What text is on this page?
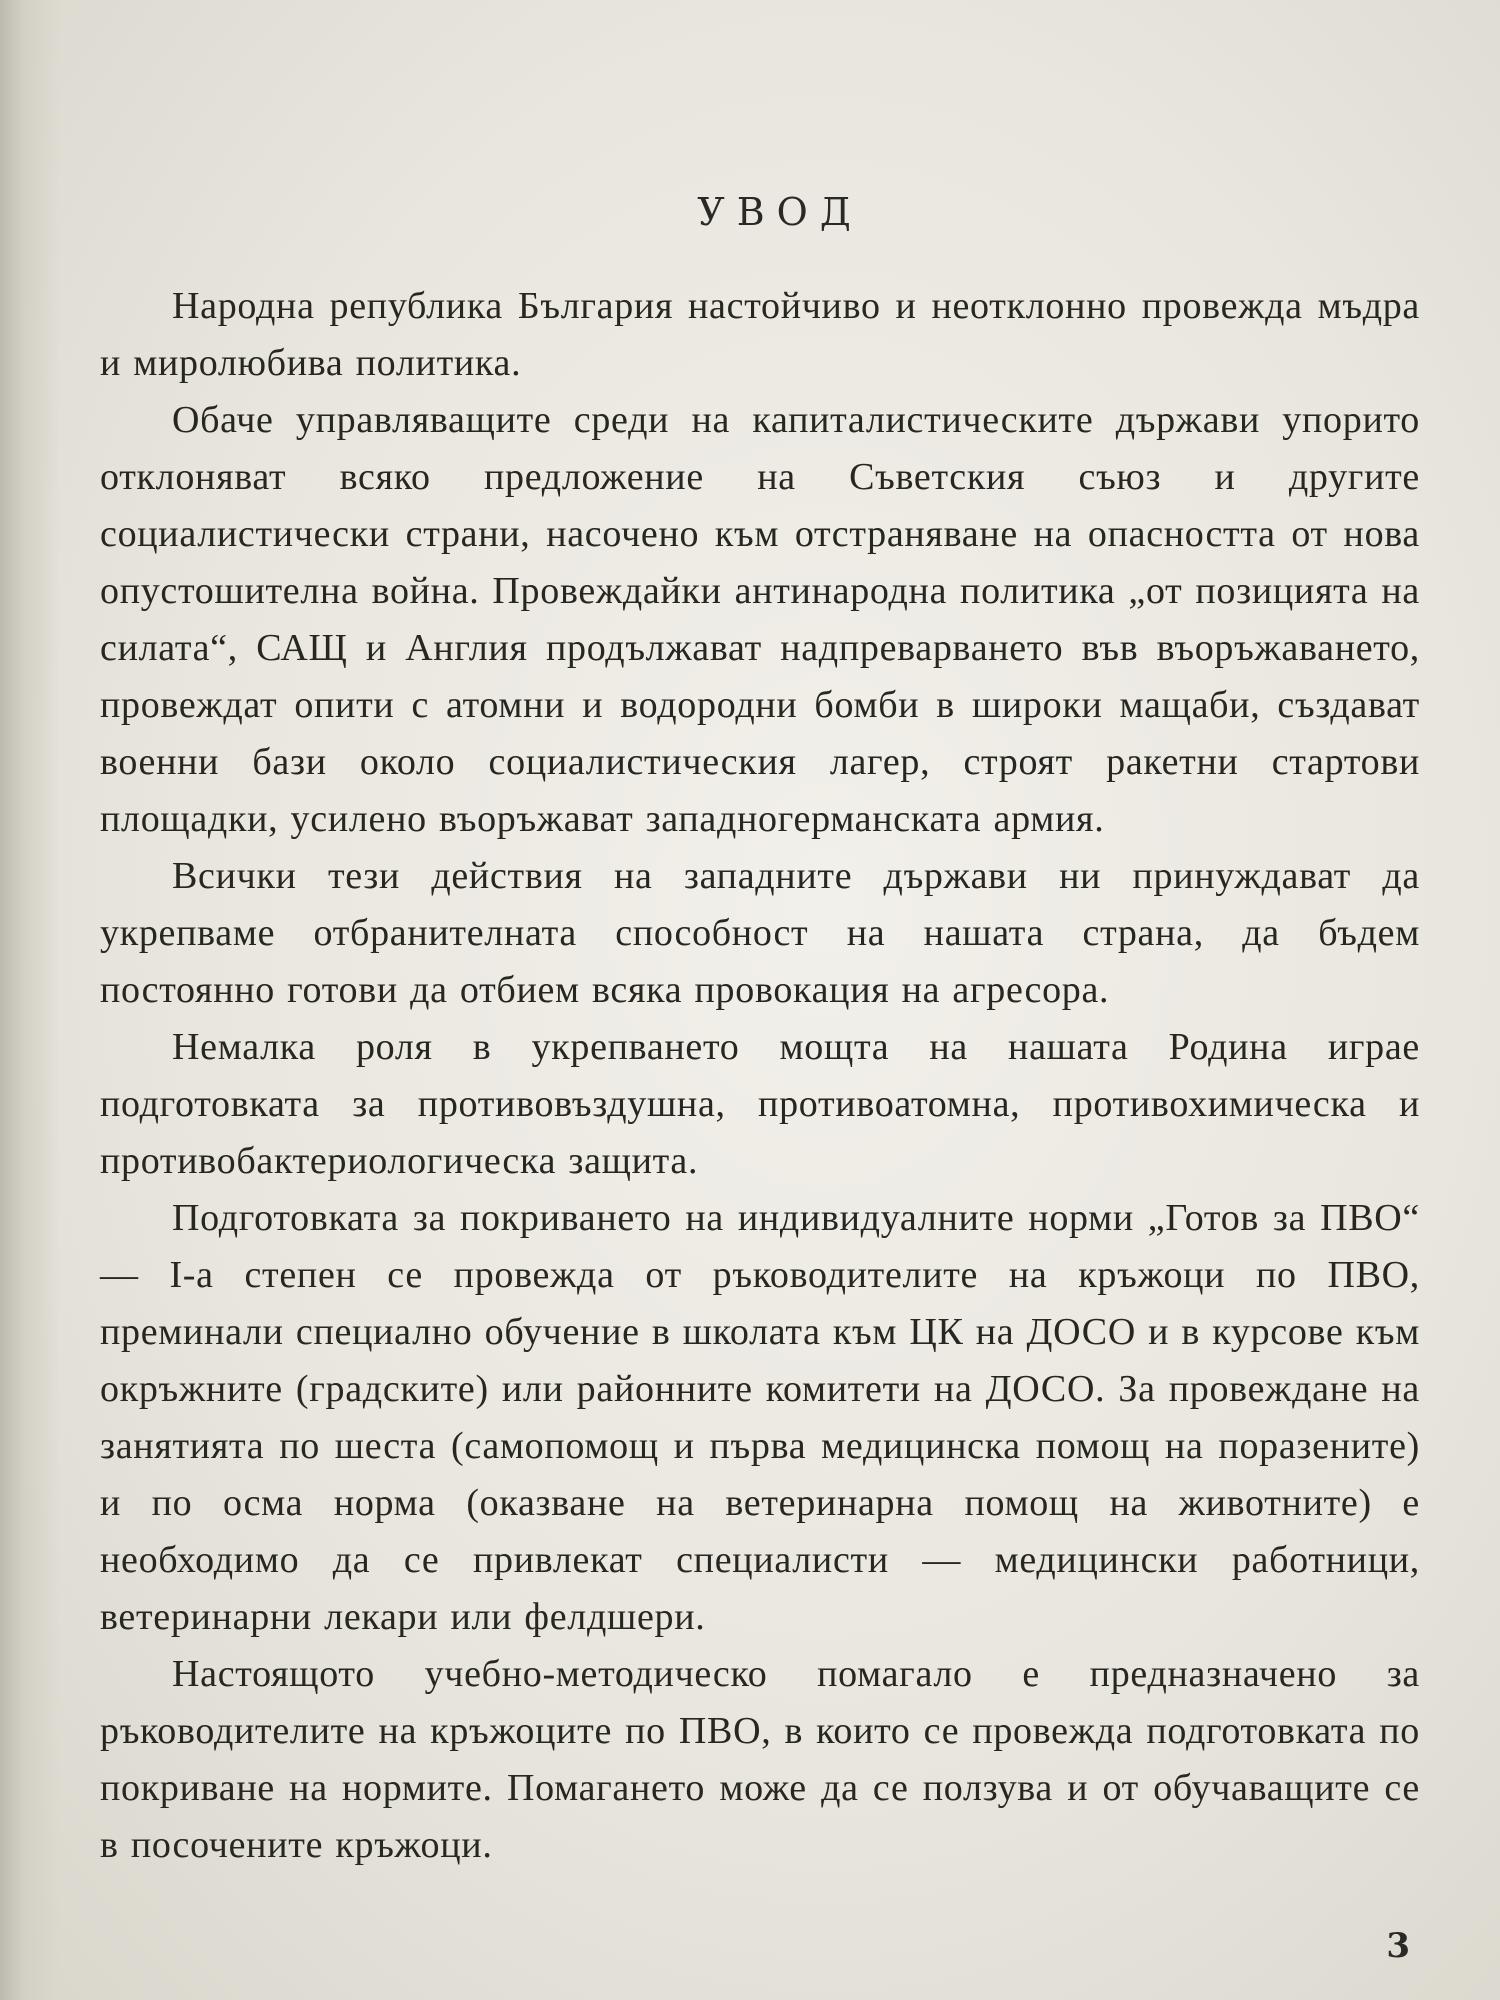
УВОД

Народна република България настойчиво и неотклонно провежда мъдра и миролюбива политика.

Обаче управляващите среди на капиталистическите държави упорито отклоняват всяко предложение на Съветския съюз и другите социалистически страни, насочено към отстраняване на опасността от нова опустошителна война. Провеждайки антинародна политика „от позицията на силата“, САЩ и Англия продължават надпреварването във въоръжаването, провеждат опити с атомни и водородни бомби в широки мащаби, създават военни бази около социалистическия лагер, строят ракетни стартови площадки, усилено въоръжават западногерманската армия.

Всички тези действия на западните държави ни принуждават да укрепваме отбранителната способност на нашата страна, да бъдем постоянно готови да отбием всяка провокация на агресора.

Немалка роля в укрепването мощта на нашата Родина играе подготовката за противовъздушна, противоатомна, противохимическа и противобактериологическа защита.

Подготовката за покриването на индивидуалните норми „Готов за ПВО“ — I-а степен се провежда от ръководителите на кръжоци по ПВО, преминали специално обучение в школата към ЦК на ДОСО и в курсове към окръжните (градските) или районните комитети на ДОСО. За провеждане на занятията по шеста (самопомощ и първа медицинска помощ на поразените) и по осма норма (оказване на ветеринарна помощ на животните) е необходимо да се привлекат специалисти — медицински работници, ветеринарни лекари или фелдшери.

Настоящото учебно-методическо помагало е предназначено за ръководителите на кръжоците по ПВО, в които се провежда подготовката по покриване на нормите. Помагането може да се ползува и от обучаващите се в посочените кръжоци.

3
